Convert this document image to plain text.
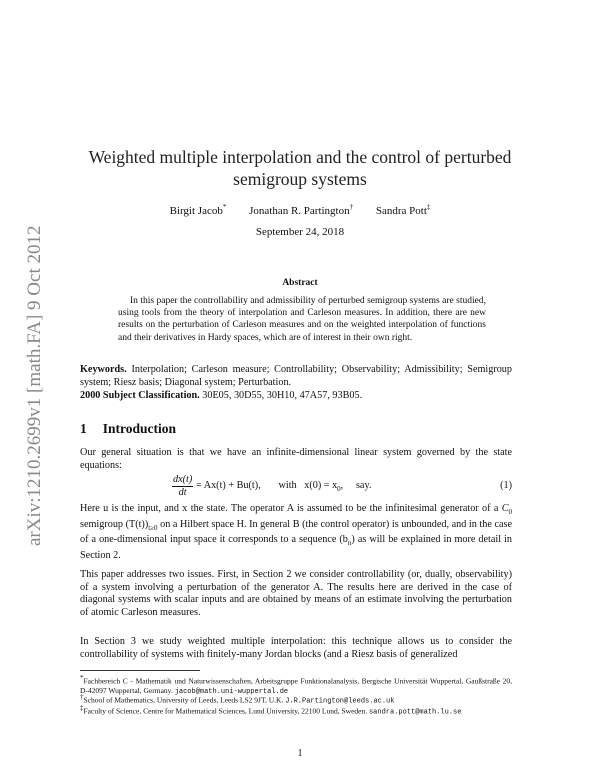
arXiv:1210.2699v1 [math.FA] 9 Oct 2012
Weighted multiple interpolation and the control of perturbed semigroup systems
Birgit Jacob* Jonathan R. Partington† Sandra Pott‡
September 24, 2018
Abstract
In this paper the controllability and admissibility of perturbed semigroup systems are studied, using tools from the theory of interpolation and Carleson measures. In addition, there are new results on the perturbation of Carleson measures and on the weighted interpolation of functions and their derivatives in Hardy spaces, which are of interest in their own right.
Keywords. Interpolation; Carleson measure; Controllability; Observability; Admissibility; Semigroup system; Riesz basis; Diagonal system; Perturbation.
2000 Subject Classification. 30E05, 30D55, 30H10, 47A57, 93B05.
1 Introduction
Our general situation is that we have an infinite-dimensional linear system governed by the state equations:
$\frac{dx(t)}{dt} = Ax(t) + Bu(t)$,       with   $x(0) = x_0$,     say.	(1)
Here u is the input, and x the state. The operator A is assumed to be the infinitesimal generator of a $C_0$ semigroup $(T(t))_{t\ge 0}$ on a Hilbert space H. In general B (the control operator) is unbounded, and in the case of a one-dimensional input space it corresponds to a sequence $(b_n)$ as will be explained in more detail in Section 2.
This paper addresses two issues. First, in Section 2 we consider controllability (or, dually, observability) of a system involving a perturbation of the generator A. The results here are derived in the case of diagonal systems with scalar inputs and are obtained by means of an estimate involving the perturbation of atomic Carleson measures.
In Section 3 we study weighted multiple interpolation: this technique allows us to consider the controllability of systems with finitely-many Jordan blocks (and a Riesz basis of generalized
*Fachbereich C - Mathematik und Naturwissenschaften, Arbeitsgruppe Funktionalanalysis, Bergische Universität Wuppertal, Gaußstraße 20, D-42097 Wuppertal, Germany. jacob@math.uni-wuppertal.de
†School of Mathematics, University of Leeds, Leeds LS2 9JT, U.K. J.R.Partington@leeds.ac.uk
‡Faculty of Science, Centre for Mathematical Sciences, Lund University, 22100 Lund, Sweden. sandra.pott@math.lu.se
1
